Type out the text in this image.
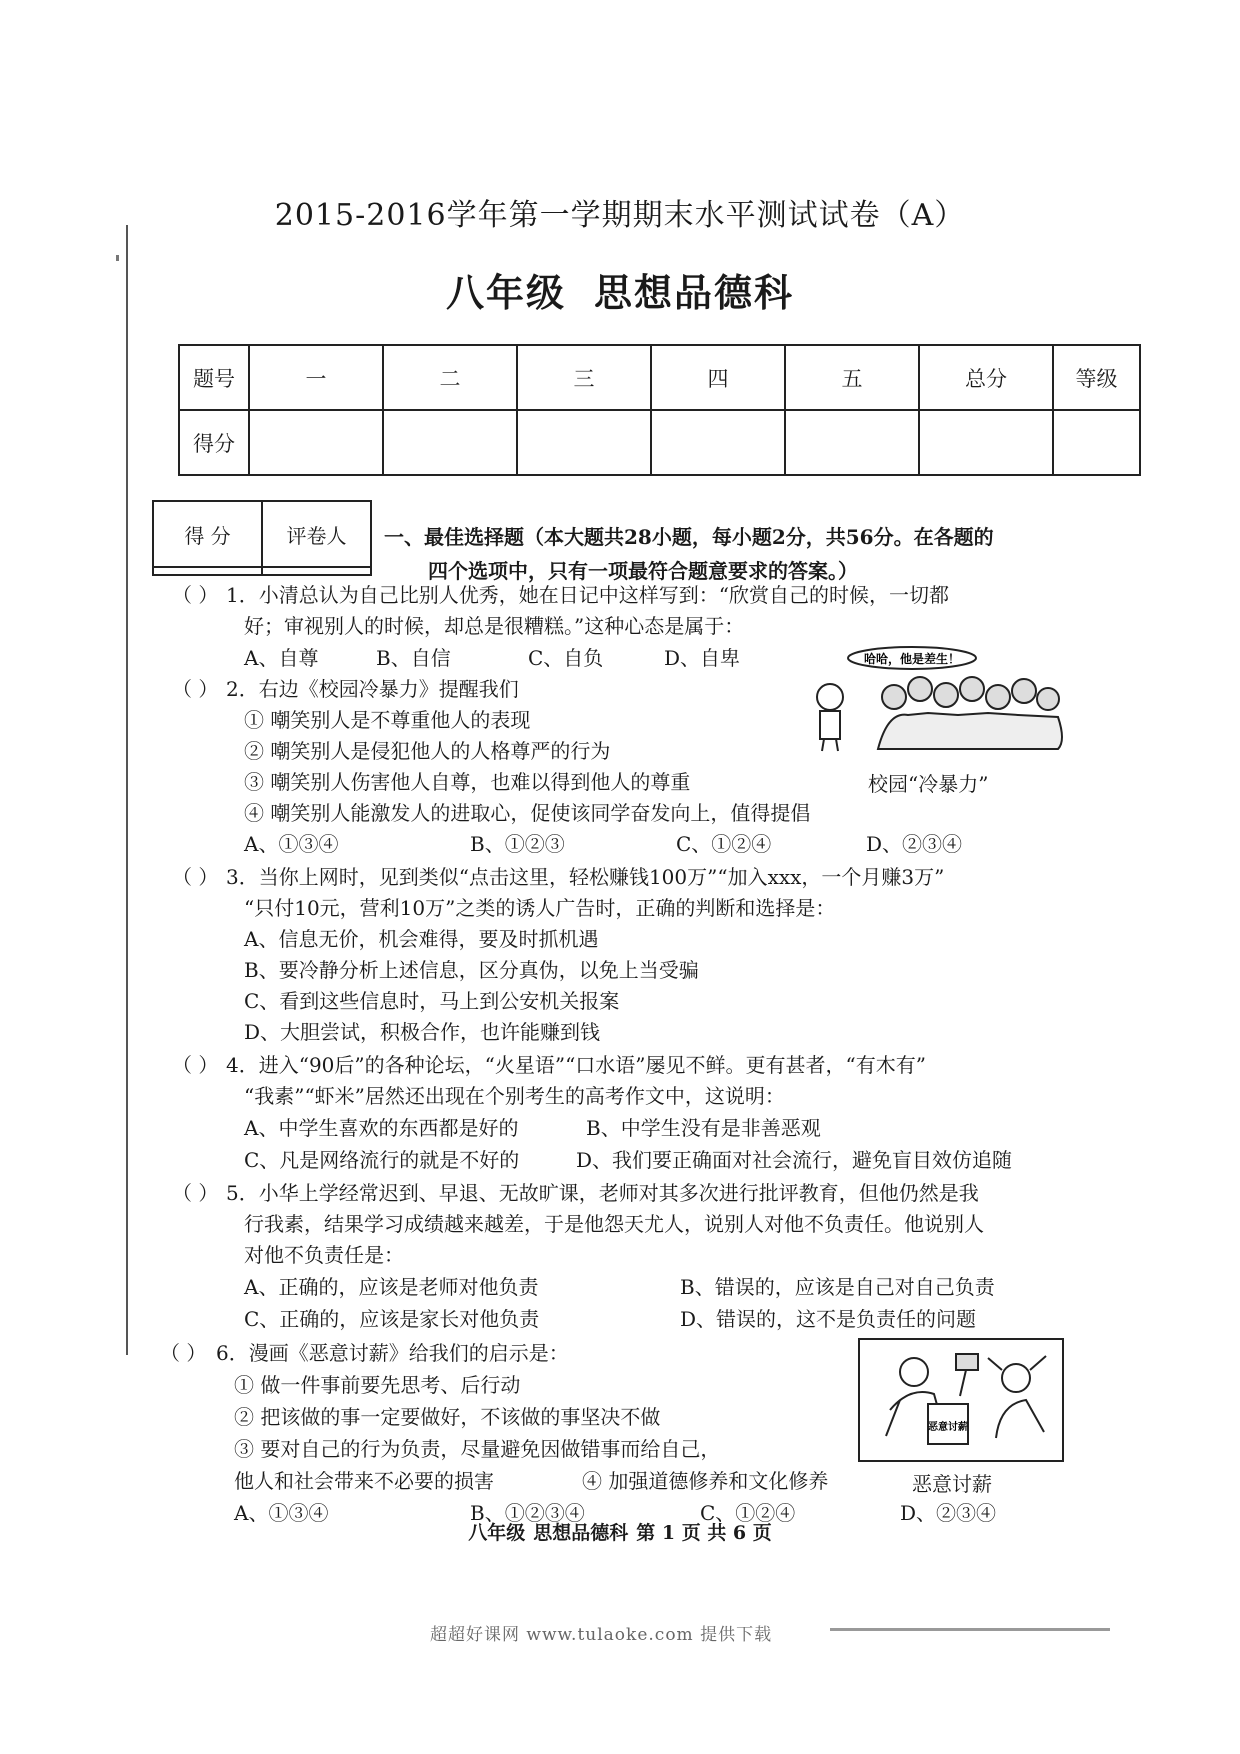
2015-2016学年第一学期期末水平测试试卷（A）
八年级 思想品德科
题号	一	二	三	四	五	总分	等级
得分							
得 分	评卷人
	一、最佳选择题（本大题共28小题，每小题2分，共56分。在各题的
四个选项中，只有一项最符合题意要求的答案。）
（ ） 1．小清总认为自己比别人优秀，她在日记中这样写到：“欣赏自己的时候，一切都
好；审视别人的时候，却总是很糟糕。”这种心态是属于：
A、自尊	B、自信	C、自负	D、自卑
（ ） 2．右边《校园冷暴力》提醒我们
① 嘲笑别人是不尊重他人的表现
② 嘲笑别人是侵犯他人的人格尊严的行为
③ 嘲笑别人伤害他人自尊，也难以得到他人的尊重
④ 嘲笑别人能激发人的进取心，促使该同学奋发向上，值得提倡
A、①③④	B、①②③	C、①②④	D、②③④
哈哈，他是差生！
校园“冷暴力”
（ ） 3．当你上网时，见到类似“点击这里，轻松赚钱100万”“加入xxx，一个月赚3万”
“只付10元，营利10万”之类的诱人广告时，正确的判断和选择是：
A、信息无价，机会难得，要及时抓机遇
B、要冷静分析上述信息，区分真伪，以免上当受骗
C、看到这些信息时，马上到公安机关报案
D、大胆尝试，积极合作，也许能赚到钱
（ ） 4．进入“90后”的各种论坛，“火星语”“口水语”屡见不鲜。更有甚者，“有木有”
“我素”“虾米”居然还出现在个别考生的高考作文中，这说明：
A、中学生喜欢的东西都是好的	B、中学生没有是非善恶观
C、凡是网络流行的就是不好的	D、我们要正确面对社会流行，避免盲目效仿追随
（ ） 5．小华上学经常迟到、早退、无故旷课，老师对其多次进行批评教育，但他仍然是我
行我素，结果学习成绩越来越差，于是他怨天尤人，说别人对他不负责任。他说别人
对他不负责任是：
A、正确的，应该是老师对他负责	B、错误的，应该是自己对自己负责
C、正确的，应该是家长对他负责	D、错误的，这不是负责任的问题
（ ） 6．漫画《恶意讨薪》给我们的启示是：
① 做一件事前要先思考、后行动
② 把该做的事一定要做好，不该做的事坚决不做
③ 要对自己的行为负责，尽量避免因做错事而给自己，
他人和社会带来不必要的损害	④ 加强道德修养和文化修养
A、①③④	B、①②③④	C、①②④	D、②③④
恶意讨薪
恶意讨薪
八年级 思想品德科 第 1 页 共 6 页
超超好课网 www.tulaoke.com 提供下载
